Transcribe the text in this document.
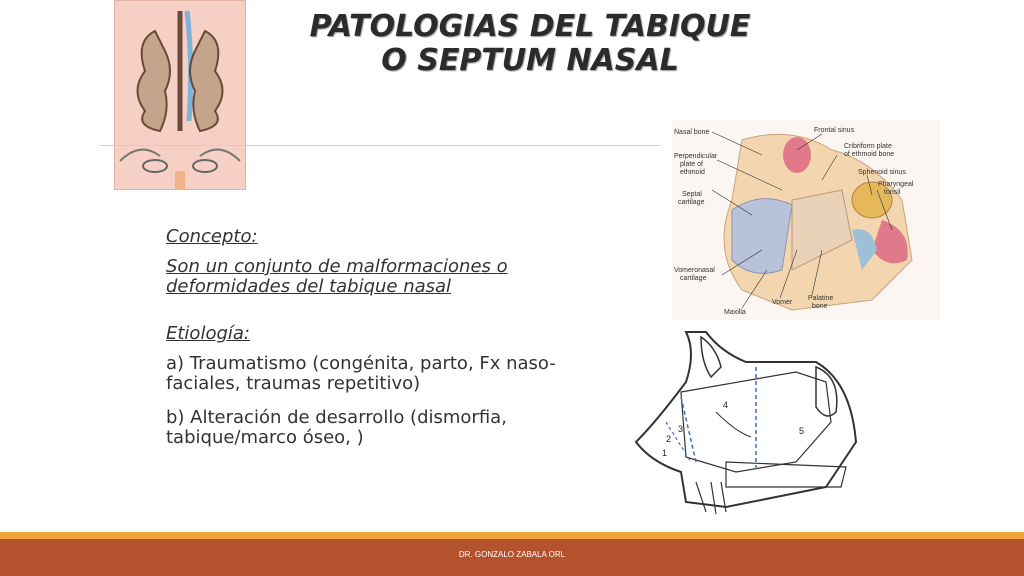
PATOLOGIAS DEL TABIQUE
O SEPTUM NASAL

Concepto:

Son un conjunto de malformaciones o
deformidades del tabique nasal

Etiología:

a) Traumatismo (congénita, parto, Fx naso-
faciales, traumas repetitivo)

b) Alteración de desarrollo (dismorfia,
tabique/marco óseo, )

Nasal bone
Perpendicular
plate of
ethmoid
Septal
cartilage
Vomeronasal
cartilage
Maxilla
Vomer
Palatine
bone
Frontal sinus
Cribriform plate
of ethmoid bone
Sphenoid sinus
Pharyngeal
tonsil
4
3
2
1
5
DR. GONZALO ZABALA ORL
